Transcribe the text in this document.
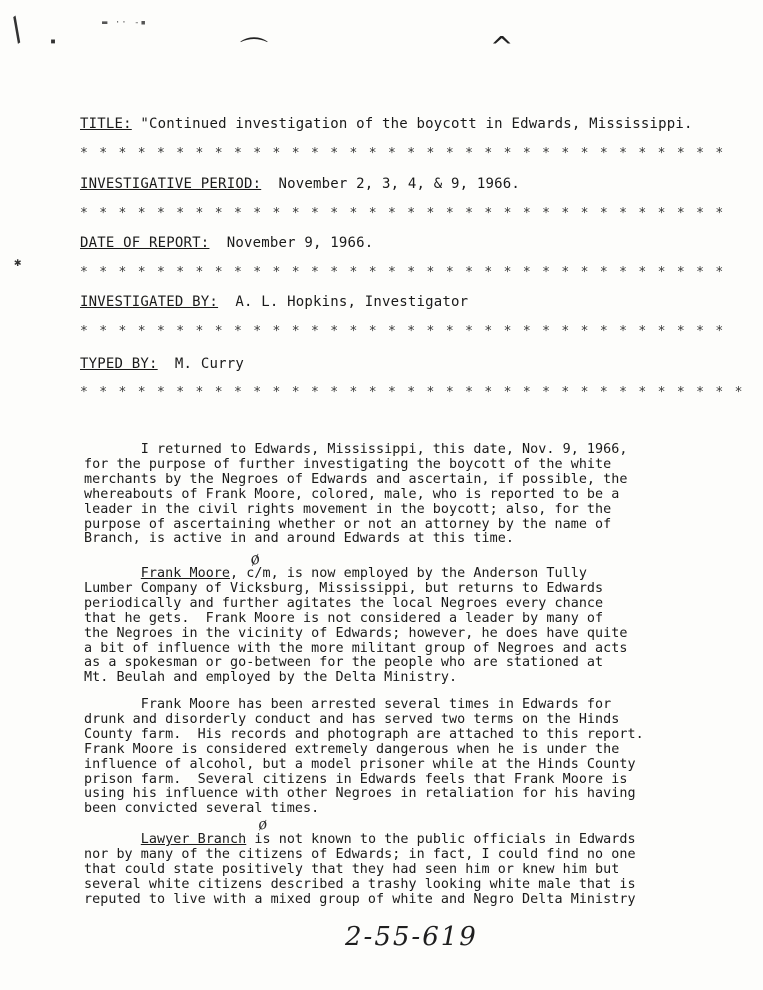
/	▬ ·· ‐▪
▪	⌒	^
✱
TITLE: "Continued investigation of the boycott in Edwards, Mississippi.
* * * * * * * * * * * * * * * * * * * * * * * * * * * * * * * * * *
INVESTIGATIVE PERIOD:  November 2, 3, 4, & 9, 1966.
* * * * * * * * * * * * * * * * * * * * * * * * * * * * * * * * * *
DATE OF REPORT:  November 9, 1966.
* * * * * * * * * * * * * * * * * * * * * * * * * * * * * * * * * *
INVESTIGATED BY:  A. L. Hopkins, Investigator
* * * * * * * * * * * * * * * * * * * * * * * * * * * * * * * * * *
TYPED BY:  M. Curry
* * * * * * * * * * * * * * * * * * * * * * * * * * * * * * * * * * *
I returned to Edwards, Mississippi, this date, Nov. 9, 1966,
for the purpose of further investigating the boycott of the white
merchants by the Negroes of Edwards and ascertain, if possible, the
whereabouts of Frank Moore, colored, male, who is reported to be a
leader in the civil rights movement in the boycott; also, for the
purpose of ascertaining whether or not an attorney by the name of
Branch, is active in and around Edwards at this time.
Frank Moore, c/m, is now employed by the Anderson Tully
Lumber Company of Vicksburg, Mississippi, but returns to Edwards
periodically and further agitates the local Negroes every chance
that he gets.  Frank Moore is not considered a leader by many of
the Negroes in the vicinity of Edwards; however, he does have quite
a bit of influence with the more militant group of Negroes and acts
as a spokesman or go-between for the people who are stationed at
Mt. Beulah and employed by the Delta Ministry.
ø
Frank Moore has been arrested several times in Edwards for
drunk and disorderly conduct and has served two terms on the Hinds
County farm.  His records and photograph are attached to this report.
Frank Moore is considered extremely dangerous when he is under the
influence of alcohol, but a model prisoner while at the Hinds County
prison farm.  Several citizens in Edwards feels that Frank Moore is
using his influence with other Negroes in retaliation for his having
been convicted several times.
Lawyer Branch is not known to the public officials in Edwards
nor by many of the citizens of Edwards; in fact, I could find no one
that could state positively that they had seen him or knew him but
several white citizens described a trashy looking white male that is
reputed to live with a mixed group of white and Negro Delta Ministry
ø
2-55-619
